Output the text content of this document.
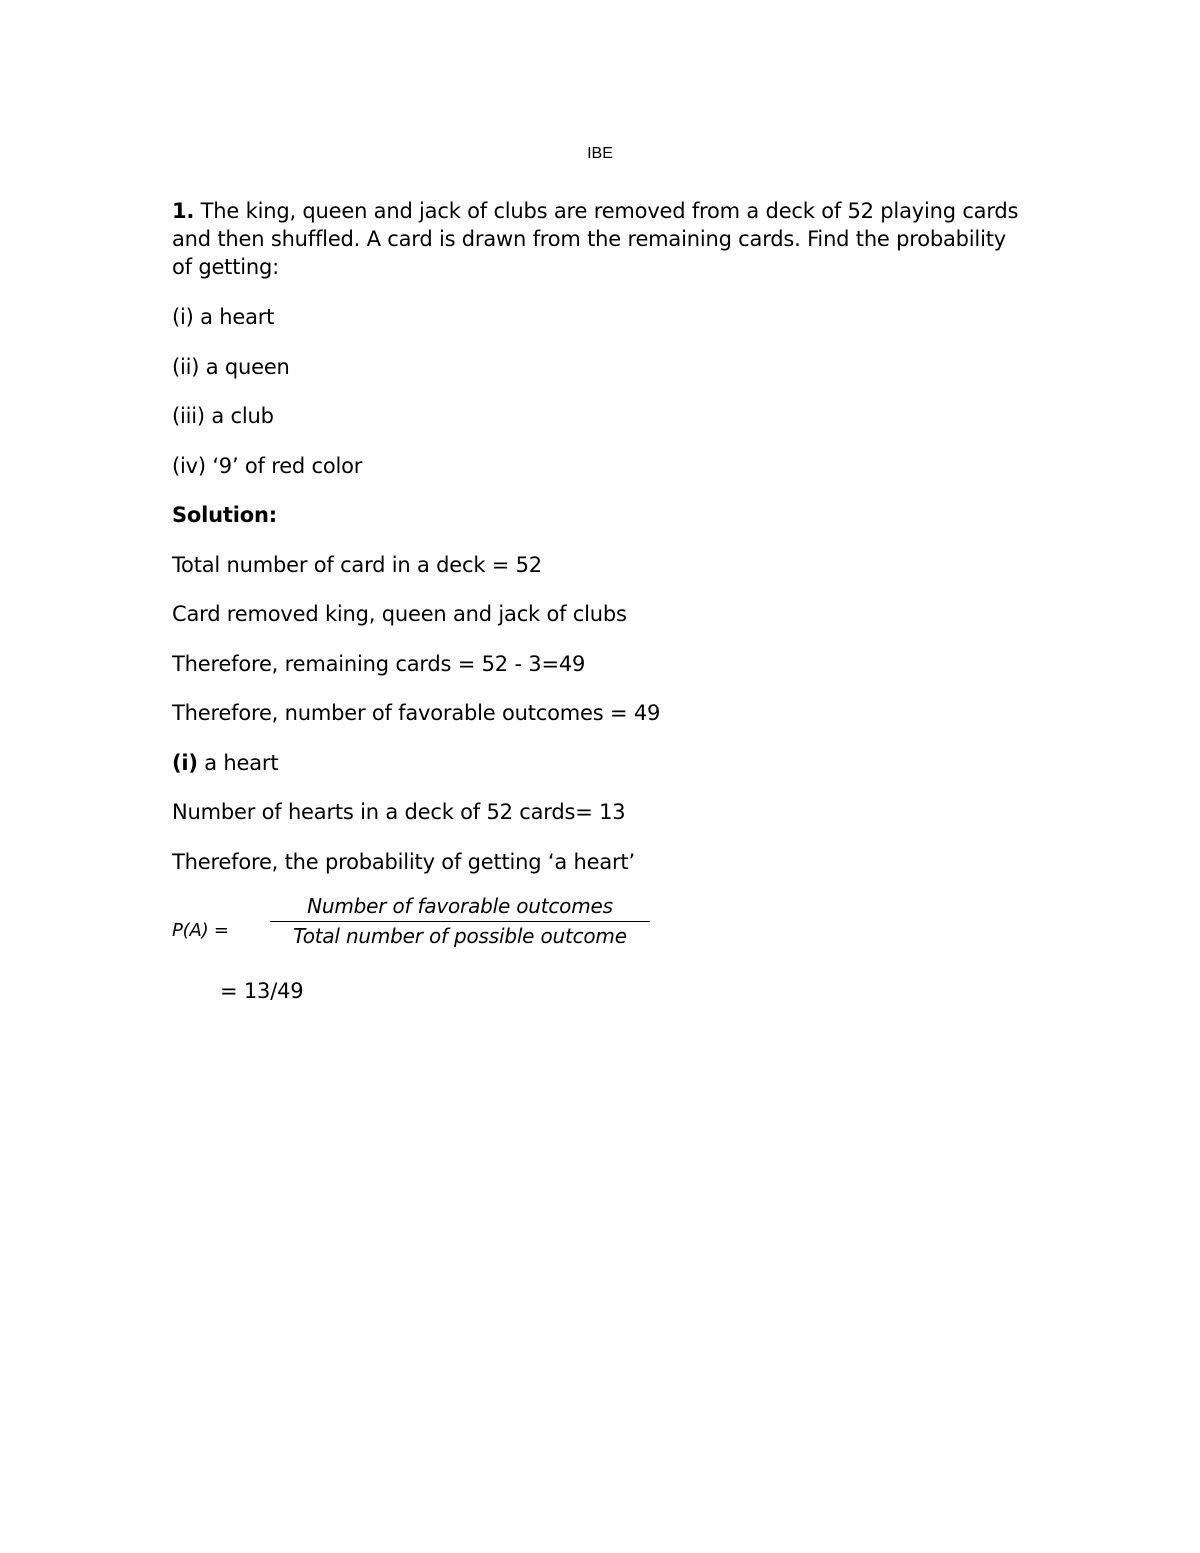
IBE

1. The king, queen and jack of clubs are removed from a deck of 52 playing cards and then shuffled. A card is drawn from the remaining cards. Find the probability of getting:

(i) a heart

(ii) a queen

(iii) a club

(iv) ‘9’ of red color

Solution:

Total number of card in a deck = 52

Card removed king, queen and jack of clubs

Therefore, remaining cards = 52 - 3=49

Therefore, number of favorable outcomes = 49

(i) a heart

Number of hearts in a deck of 52 cards= 13

Therefore, the probability of getting ‘a heart’

P(A) =
Number of favorable outcomes
Total number of possible outcome

= 13/49
